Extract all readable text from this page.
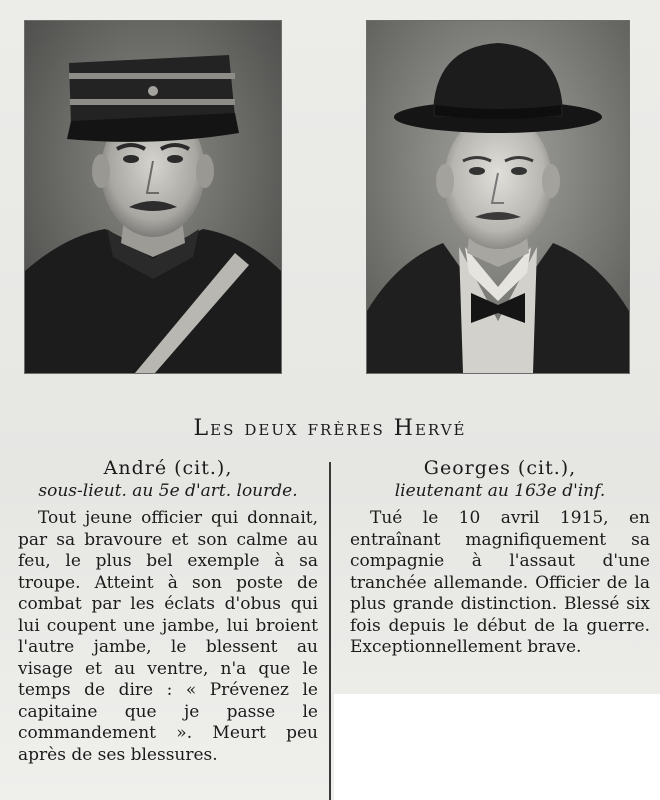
Les deux frères Hervé
André (cit.),
sous-lieut. au 5e d'art. lourde.

Tout jeune officier qui donnait, par sa bravoure et son calme au feu, le plus bel exemple à sa troupe. Atteint à son poste de combat par les éclats d'obus qui lui coupent une jambe, lui broient l'autre jambe, le blessent au visage et au ventre, n'a que le temps de dire : « Prévenez le capitaine que je passe le commandement ». Meurt peu après de ses blessures.

Georges (cit.),
lieutenant au 163e d'inf.

Tué le 10 avril 1915, en entraînant magnifiquement sa compagnie à l'assaut d'une tranchée allemande. Officier de la plus grande distinction. Blessé six fois depuis le début de la guerre. Exceptionnellement brave.
